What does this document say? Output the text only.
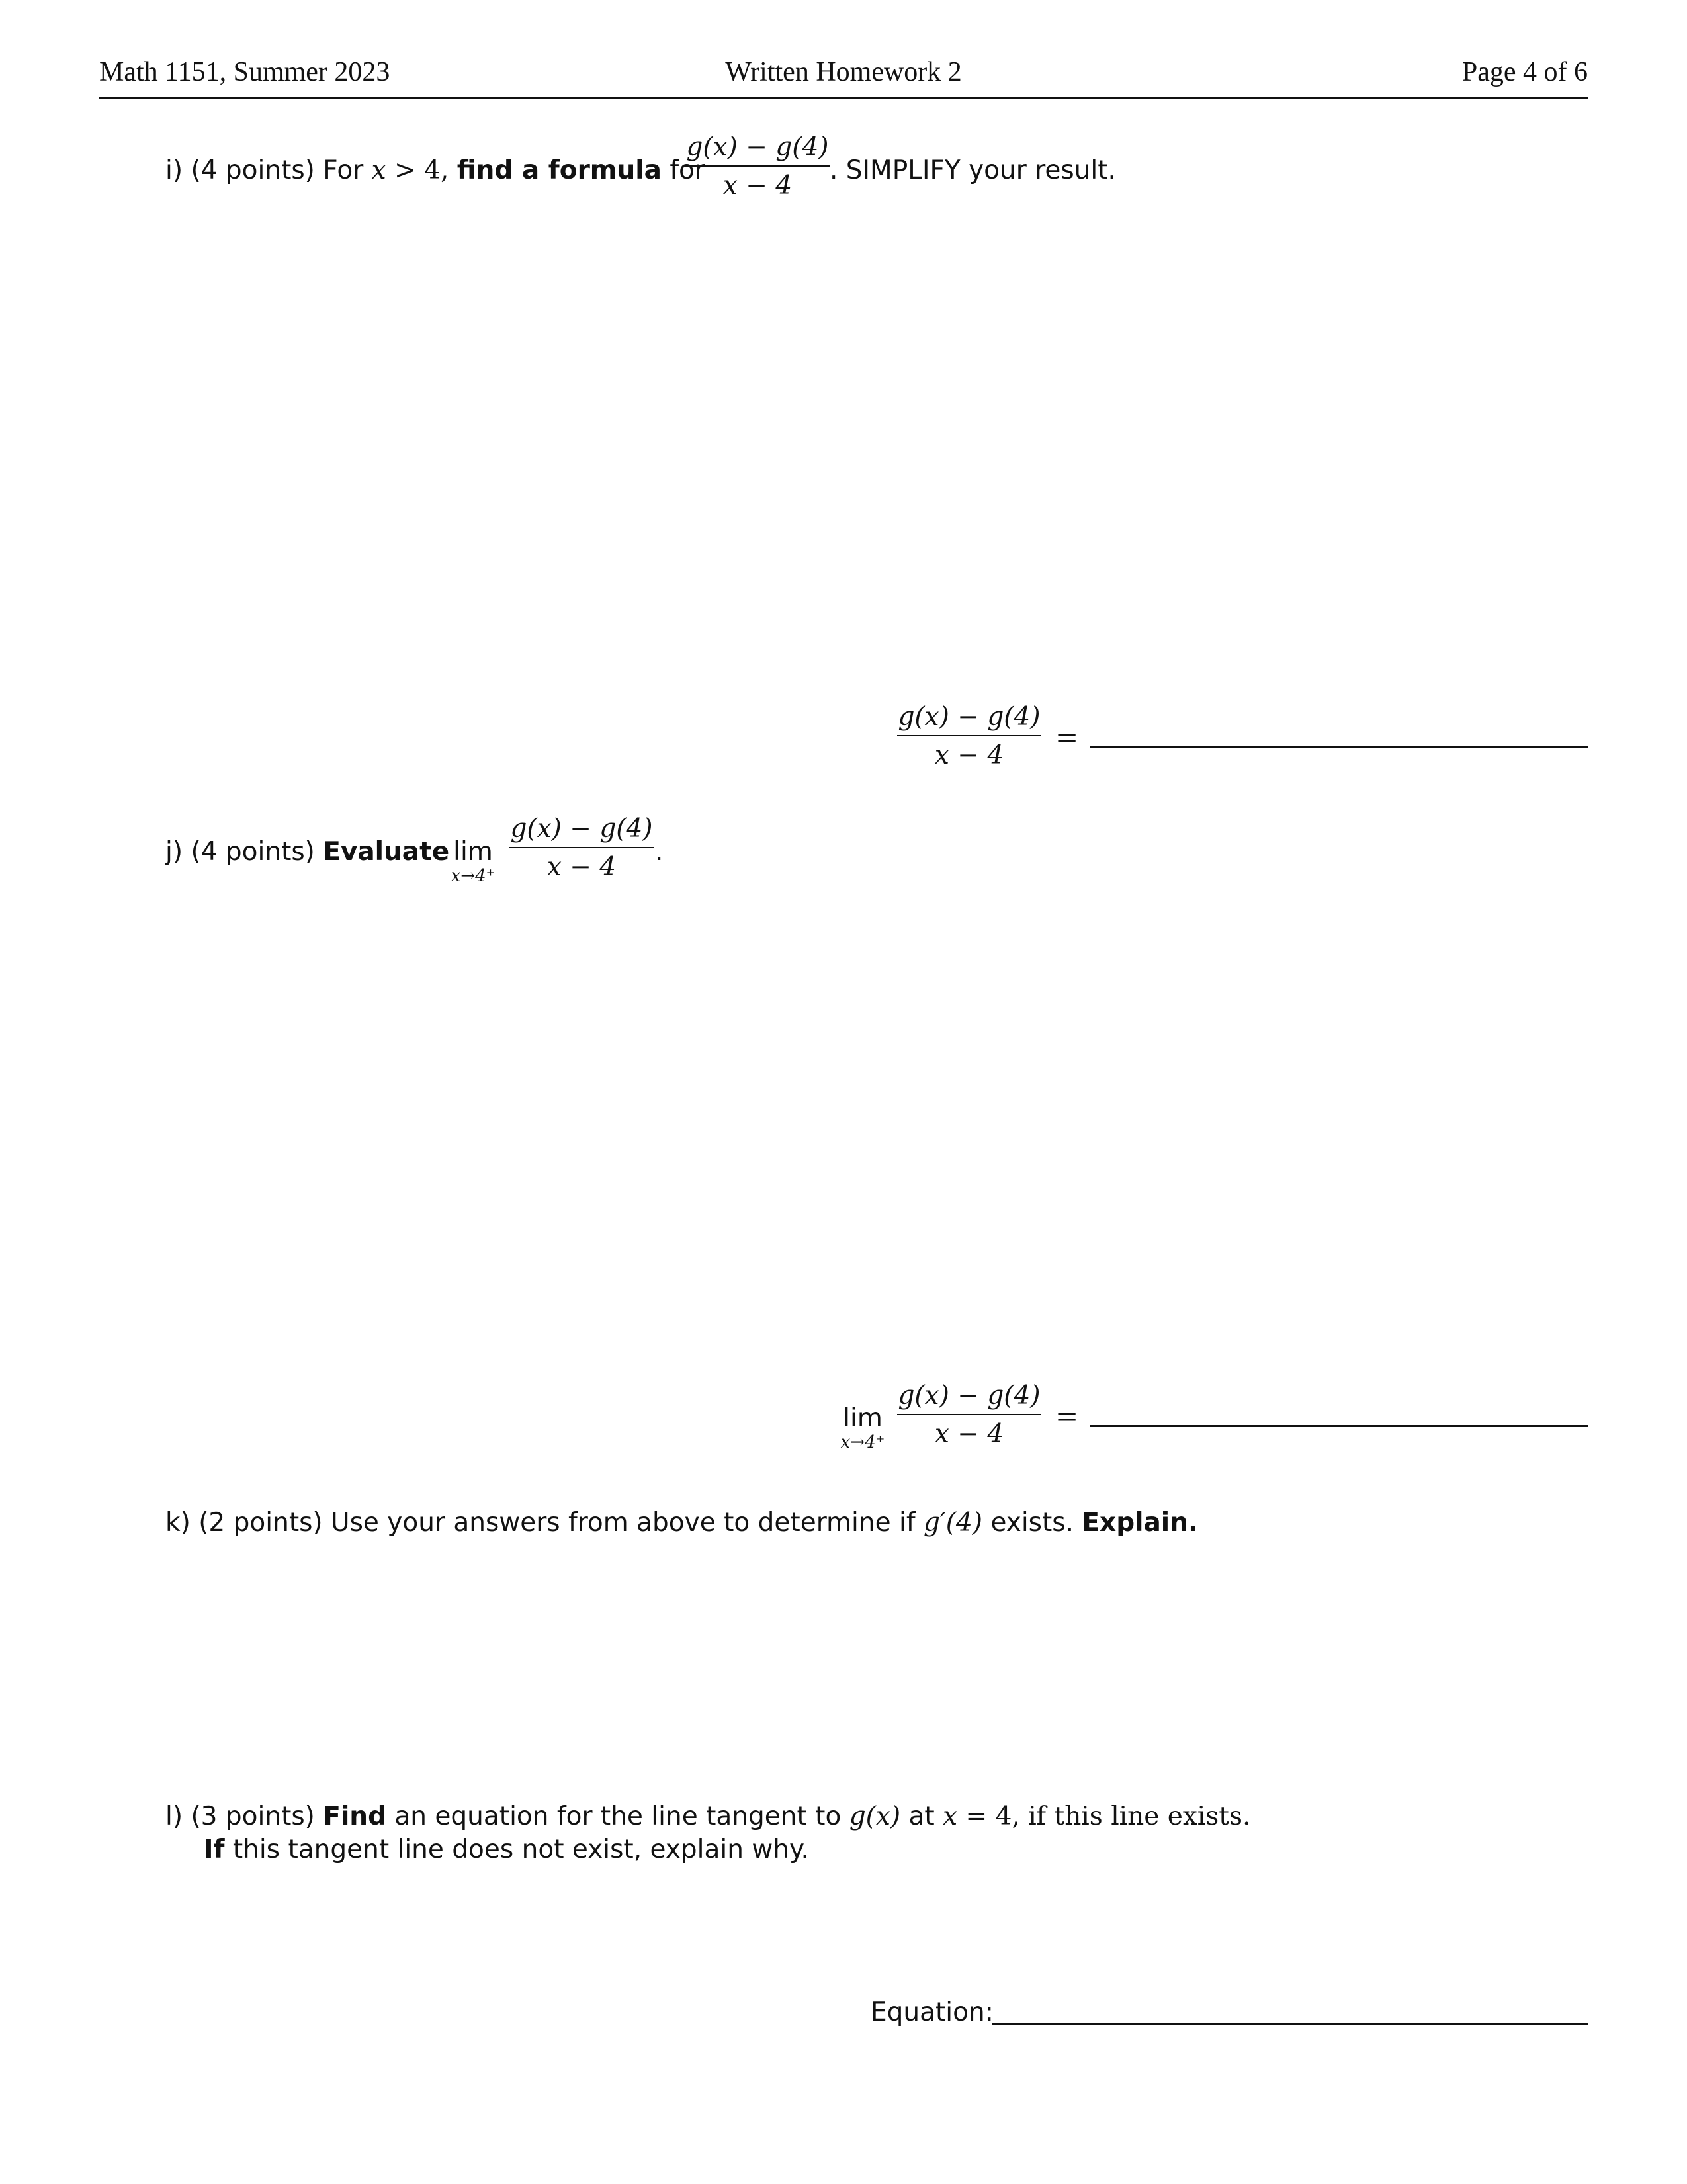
Math 1151, Summer 2023	Written Homework 2	Page 4 of 6
i) (4 points) For x > 4, find a formula for
g(x) − g(4)
x − 4
. SIMPLIFY your result.
g(x) − g(4)
x − 4
=
j) (4 points) Evaluate lim
x→4⁺
g(x) − g(4)
x − 4
.
lim
x→4⁺
g(x) − g(4)
x − 4
=
k) (2 points) Use your answers from above to determine if g′(4) exists. Explain.
l) (3 points) Find an equation for the line tangent to g(x) at x = 4, if this line exists.
If this tangent line does not exist, explain why.
Equation:
